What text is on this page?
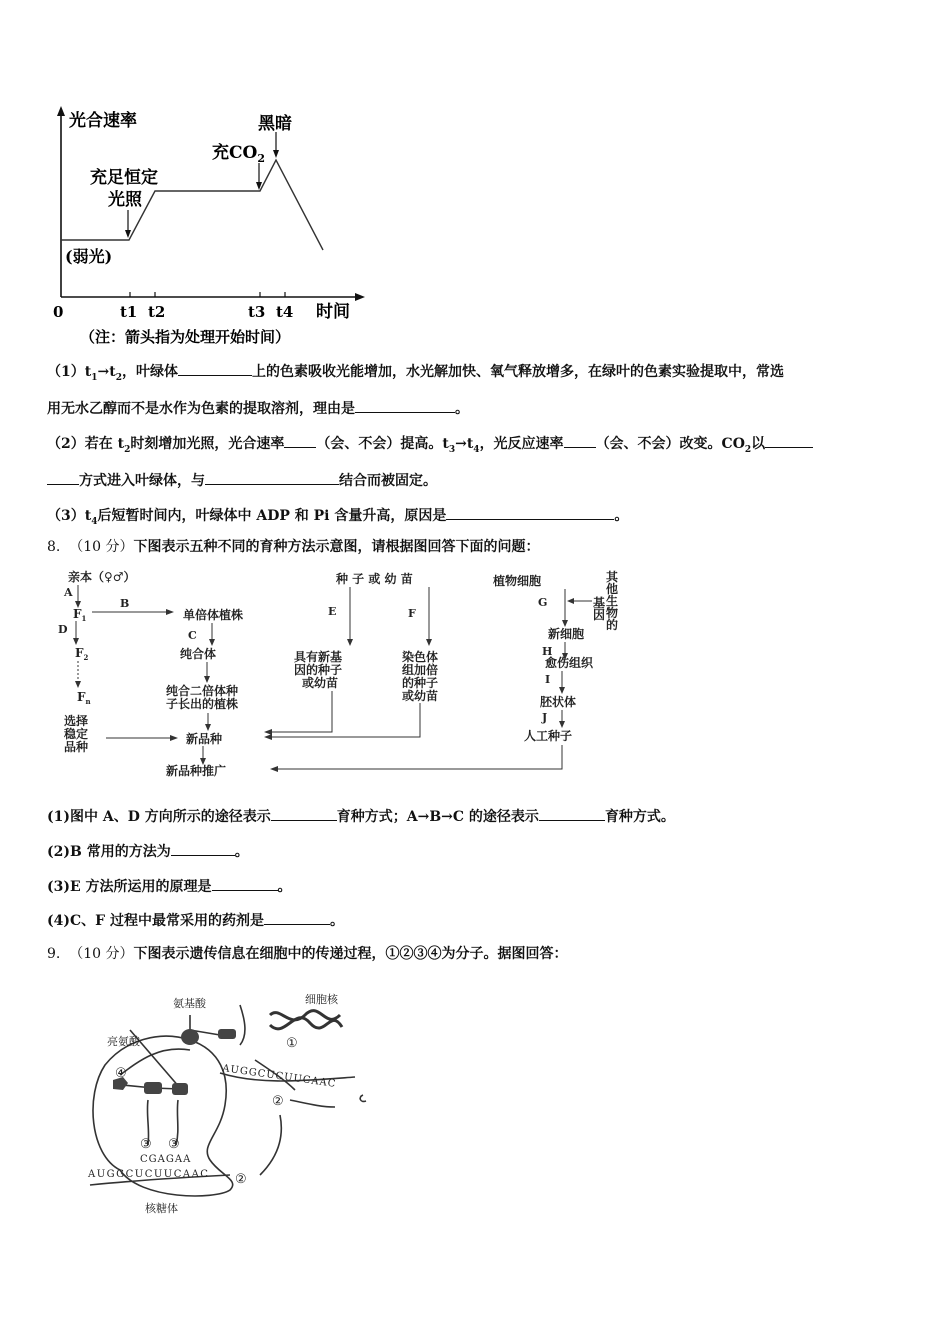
光合速率
时间
0	t1 t2	t3 t4
(弱光)
充足恒定
光照
充$CO_2$
黑暗
（注：箭头指为处理开始时间）
$(1)t_1\to t_2$，叶绿体	上的色素吸收光能增加，水光解加快、氧气释放增多，在绿叶的色素实验提取中，常选
用无水乙醇而不是水作为色素的提取溶剂，理由是	。
（2）若在 $t_2$时刻增加光照，光合速率 （会、不会）提高。$t_3\to t_4$，光反应速率 （会、不会）改变。$CO_2$以
方式进入叶绿体，与	结合而被固定。
$(3)t_4$后短暂时间内，叶绿体中 ADP 和 Pi 含量升高，原因是	。
8. （10 分）下图表示五种不同的育种方法示意图，请根据图回答下面的问题：
亲本（♀♂）
A
$F_1$
D
$F_2$
$F_n$
选择
稳定
品种
B
单倍体植株
C
纯合体
纯合二倍体种
子长出的植株
新品种
新品种推广
种 子 或 幼 苗
E	F
具有新基
因的种子
或幼苗
染色体
组加倍
的种子
或幼苗
植物细胞	其
他
生
物
的
基
因
G
新细胞
H
愈伤组织
I
胚状体
J
人工种子
(1)图中 A、D 方向所示的途径表示	育种方式；A→B→C 的途径表示	育种方式。
(2)B 常用的方法为	。
(3)E 方法所运用的原理是	。
(4)C、F 过程中最常采用的药剂是	。
9. （10 分）下图表示遗传信息在细胞中的传递过程，①②③④为分子。据图回答：
氨基酸	细胞核
亮氨酸
核糖体
①
②
②
③ ③
④	AUGGCUCUUCAAC
AUGGCUCUUCAAC
CGAGAA
